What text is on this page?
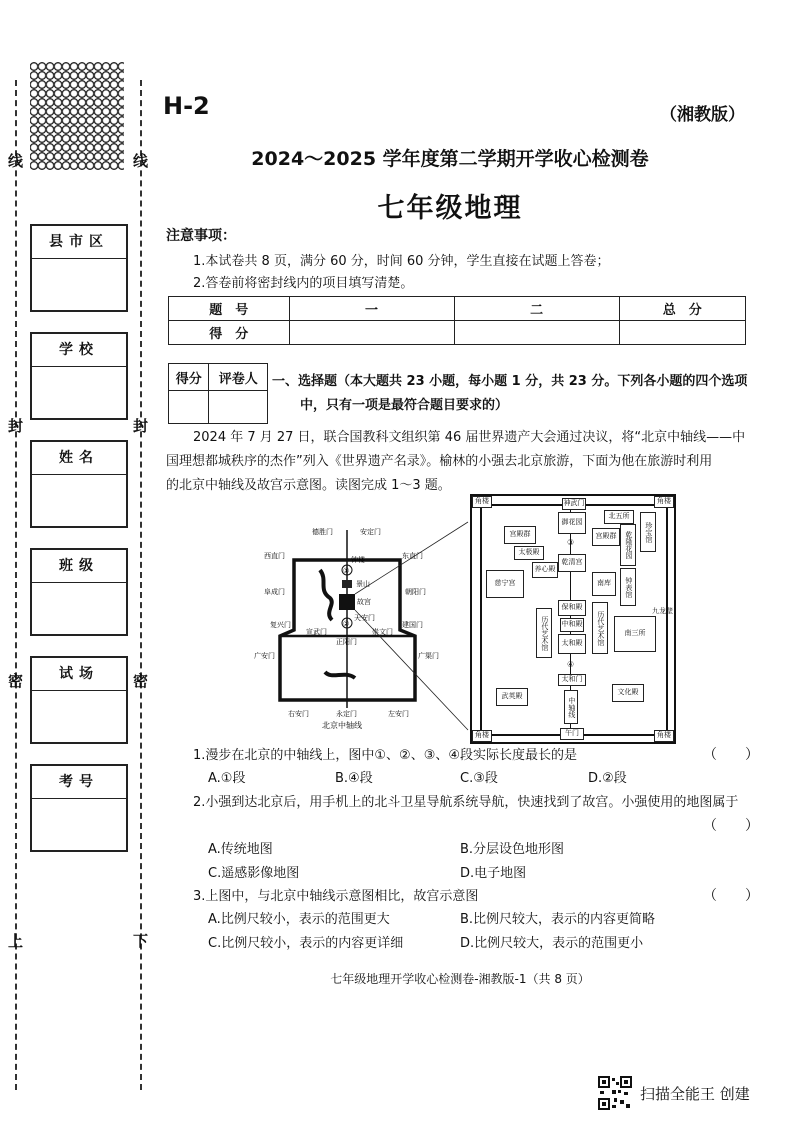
线	线
封	封
密	密
上	下
县市区
学校
姓名
班级
试场
考号
H-2	（湘教版）
2024～2025 学年度第二学期开学收心检测卷
七年级地理
注意事项：
1.本试卷共 8 页，满分 60 分，时间 60 分钟，学生直接在试题上答卷；
2.答卷前将密封线内的项目填写清楚。
题　号	一	二	总　分
得　分			
得分	评卷人
	一、选择题（本大题共 23 小题，每小题 1 分，共 23 分。下列各小题的四个选项
中，只有一项是最符合题目要求的）
2024 年 7 月 27 日，联合国教科文组织第 46 届世界遗产大会通过决议，将“北京中轴线——中
国理想都城秩序的杰作”列入《世界遗产名录》。榆林的小强去北京旅游，下面为他在旅游时利用
的北京中轴线及故宫示意图。读图完成 1～3 题。
德胜门	安定门
西直门	东直门
阜成门	朝阳门
复兴门	建国门
广安门	广渠门
右安门	永定门	左安门
宣武门	崇文门
正阳门
钟楼
景山
故宫
天安门
①
②
北京中轴线
角楼	角楼
角楼	角楼
神武门
御花园
北五所
珍宝馆
宫殿群	乾隆花园
太极殿
③
养心殿
乾清宫
宫殿群
钟表馆
慈宁宫	南库
九龙壁
保和殿
历代艺术馆	中和殿	历代艺术馆
太和殿
南三所
④
太和门
武英殿
午门
文化殿
中轴线
1.漫步在北京的中轴线上，图中①、②、③、④段实际长度最长的是	（　　）
A.①段	B.④段	C.③段	D.②段
2.小强到达北京后，用手机上的北斗卫星导航系统导航，快速找到了故宫。小强使用的地图属于
（　　）
A.传统地图	B.分层设色地形图
C.遥感影像地图	D.电子地图
3.上图中，与北京中轴线示意图相比，故宫示意图	（　　）
A.比例尺较小，表示的范围更大	B.比例尺较大，表示的内容更简略
C.比例尺较小，表示的内容更详细	D.比例尺较大，表示的范围更小
七年级地理开学收心检测卷-湘教版-1（共 8 页）
扫描全能王 创建
